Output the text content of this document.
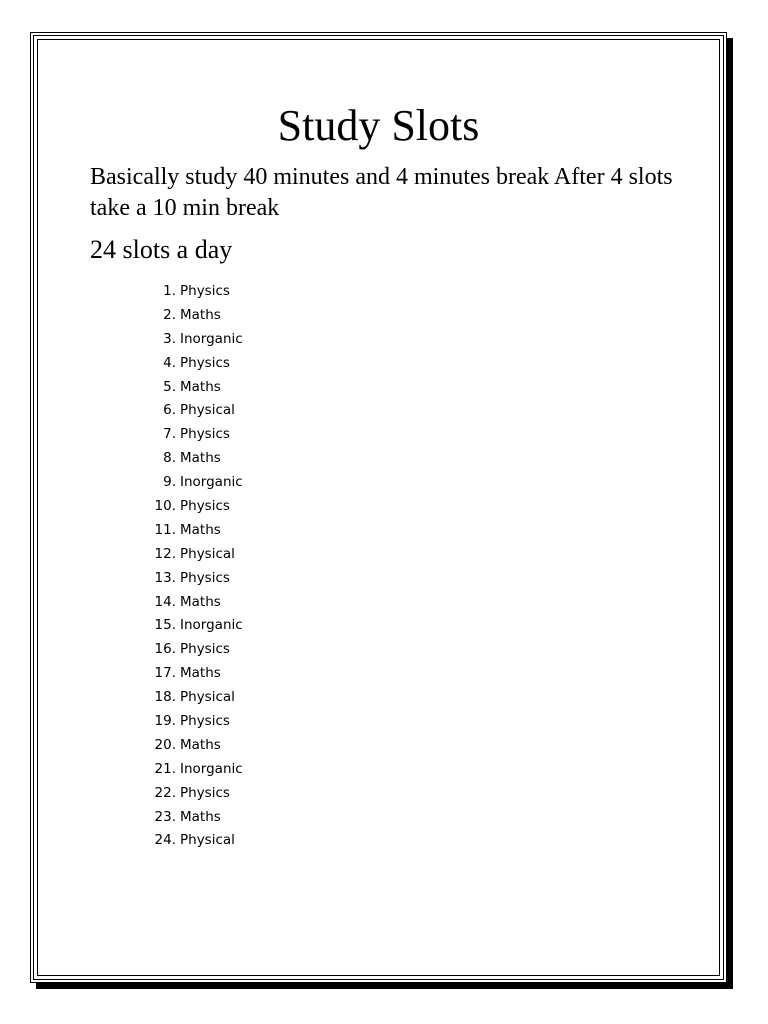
Study Slots
Basically study 40 minutes and 4 minutes break After 4 slots take a 10 min break
24 slots a day
1. Physics
2. Maths
3. Inorganic
4. Physics
5. Maths
6. Physical
7. Physics
8. Maths
9. Inorganic
10. Physics
11. Maths
12. Physical
13. Physics
14. Maths
15. Inorganic
16. Physics
17. Maths
18. Physical
19. Physics
20. Maths
21. Inorganic
22. Physics
23. Maths
24. Physical
